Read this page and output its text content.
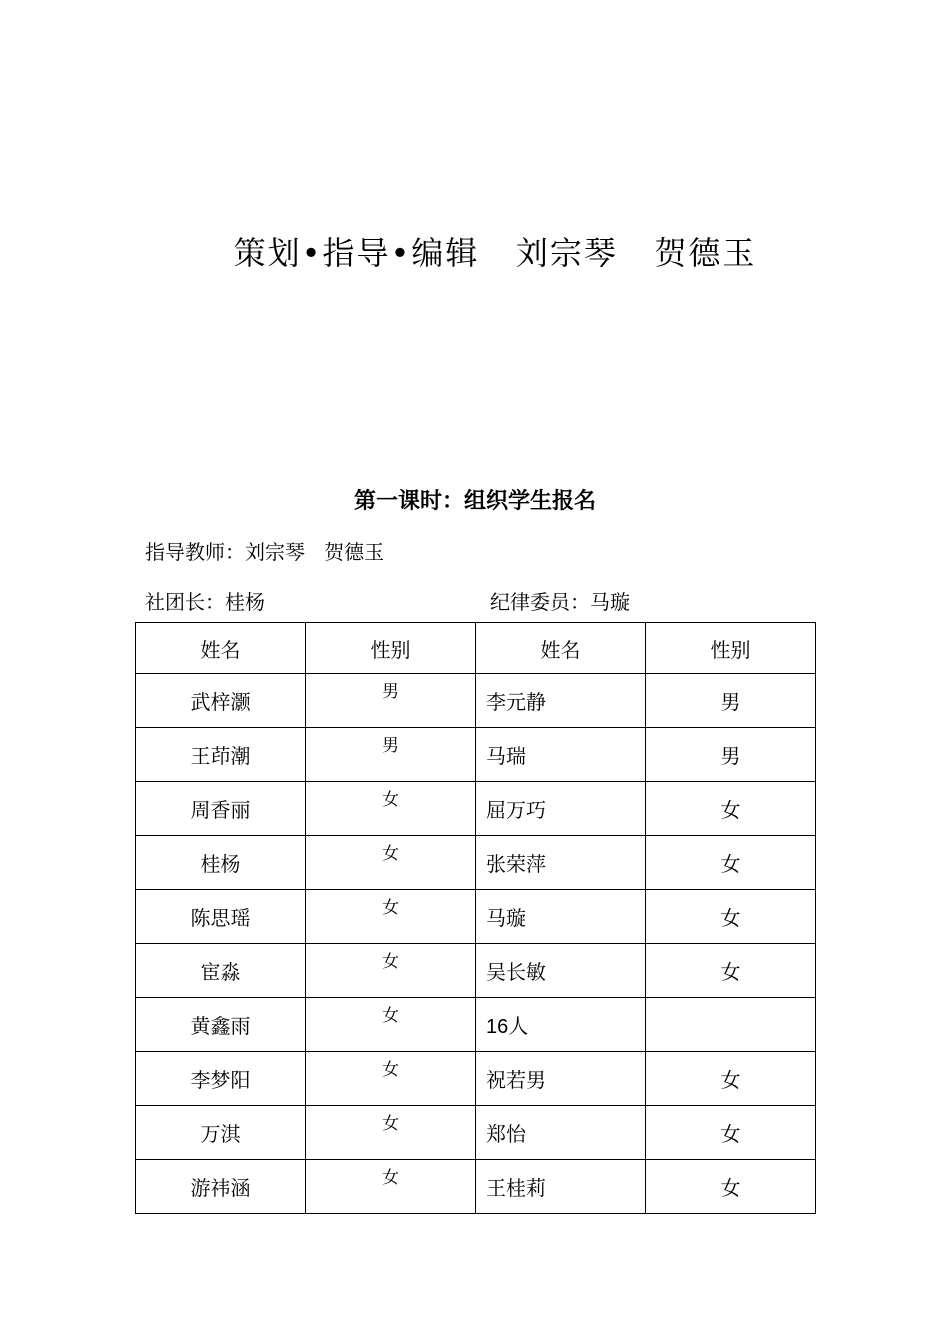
策划•指导•编辑   刘宗琴   贺德玉
第一课时：组织学生报名
指导教师：刘宗琴   贺德玉
社团长：桂杨	纪律委员：马璇
姓名	性别	姓名	性别
武梓灏	男	李元静	男
王茚潮	男	马瑞	男
周香丽	女	屈万巧	女
桂杨	女	张荣萍	女
陈思瑶	女	马璇	女
宦淼	女	吴长敏	女
黄鑫雨	女	16人	
李梦阳	女	祝若男	女
万淇	女	郑怡	女
游祎涵	女	王桂莉	女
